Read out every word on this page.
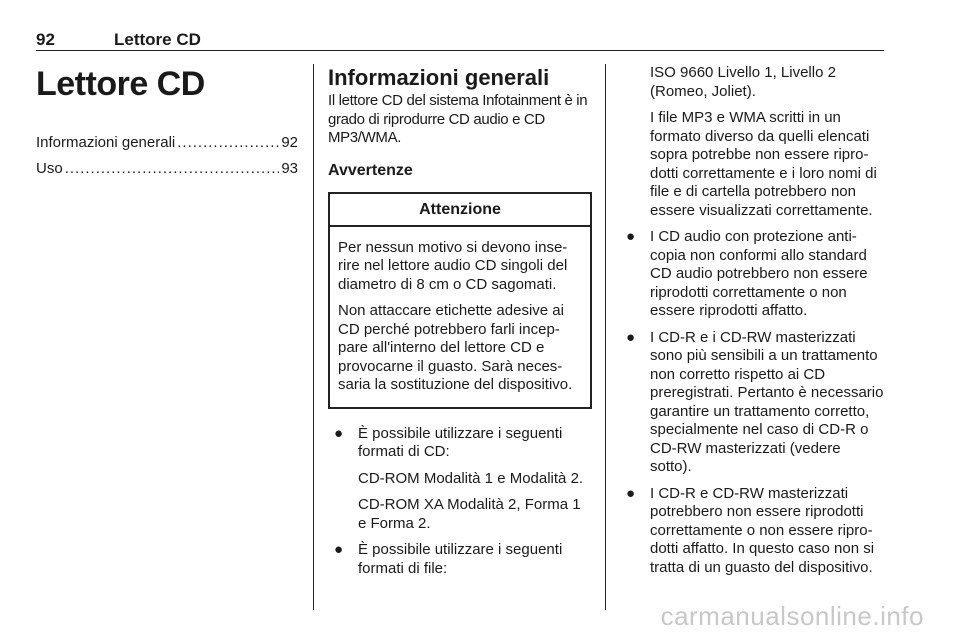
92	Lettore CD
Lettore CD
Informazioni generali .....	92
Uso .....	93
Informazioni generali

Il lettore CD del sistema Infotainment è in grado di riprodurre CD audio e CD MP3/WMA.

Avvertenze
Attenzione

Per nessun motivo si devono inserire nel lettore audio CD singoli del diametro di 8 cm o CD sagomati.

Non attaccare etichette adesive ai CD perché potrebbero farli inceppare all'interno del lettore CD e provocarne il guasto. Sarà necessaria la sostituzione del dispositivo.

● È possibile utilizzare i seguenti formati di CD:

CD-ROM Modalità 1 e Modalità 2.

CD-ROM XA Modalità 2, Forma 1 e Forma 2.

● È possibile utilizzare i seguenti formati di file:

ISO 9660 Livello 1, Livello 2 (Romeo, Joliet).

I file MP3 e WMA scritti in un formato diverso da quelli elencati sopra potrebbe non essere riprodotti correttamente e i loro nomi di file e di cartella potrebbero non essere visualizzati correttamente.

● I CD audio con protezione anti-copia non conformi allo standard CD audio potrebbero non essere riprodotti correttamente o non essere riprodotti affatto.

● I CD-R e i CD-RW masterizzati sono più sensibili a un trattamento non corretto rispetto ai CD preregistrati. Pertanto è necessario garantire un trattamento corretto, specialmente nel caso di CD-R o CD-RW masterizzati (vedere sotto).

● I CD-R e CD-RW masterizzati potrebbero non essere riprodotti correttamente o non essere riprodotti affatto. In questo caso non si tratta di un guasto del dispositivo.

carmanualsonline.info
